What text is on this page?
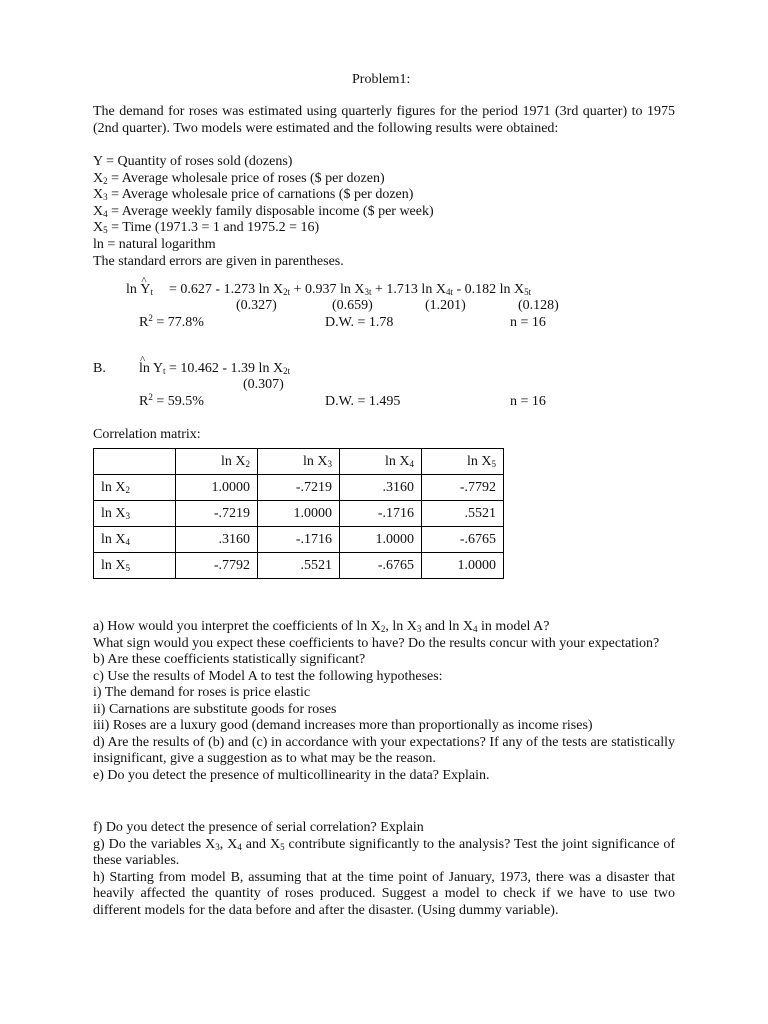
Problem1:
The demand for roses was estimated using quarterly figures for the period 1971 (3rd quarter) to 1975 (2nd quarter). Two models were estimated and the following results were obtained:
Y = Quantity of roses sold (dozens)
$X_2$ = Average wholesale price of roses ($ per dozen)
$X_3$ = Average wholesale price of carnations ($ per dozen)
$X_4$ = Average weekly family disposable income ($ per week)
$X_5$ = Time (1971.3 = 1 and 1975.2 = 16)
ln = natural logarithm
The standard errors are given in parentheses.
ln ^ $Y_t = 0.627 - 1.273$ $\ln X_{2t} + 0.937$ $\ln X_{3t} + 1.713$ $\ln X_{4t} - 0.182$ $\ln X_{5t}$
(0.327)	(0.659)	(1.201)	(0.128)
$R^2 = 77.8\%$	D.W. = 1.78	n = 16
B. ^ $\ln Y_t = 10.462 - 1.39$ $\ln X_{2t}$
(0.307)
$R^2 = 59.5\%$	D.W. = 1.495	n = 16
Correlation matrix:
	$\ln X_2$	$\ln X_3$	$\ln X_4$	$\ln X_5$
$\ln X_2$	1.0000	-.7219	.3160	-.7792
$\ln X_3$	-.7219	1.0000	-.1716	.5521
$\ln X_4$	.3160	-.1716	1.0000	-.6765
$\ln X_5$	-.7792	.5521	-.6765	1.0000
a) How would you interpret the coefficients of $\ln X_2$, $\ln X_3$ and $\ln X_4$ in model A?
What sign would you expect these coefficients to have? Do the results concur with your expectation?
b) Are these coefficients statistically significant?
c) Use the results of Model A to test the following hypotheses:
i) The demand for roses is price elastic
ii) Carnations are substitute goods for roses
iii) Roses are a luxury good (demand increases more than proportionally as income rises)
d) Are the results of (b) and (c) in accordance with your expectations? If any of the tests are statistically insignificant, give a suggestion as to what may be the reason.
e) Do you detect the presence of multicollinearity in the data? Explain.
f) Do you detect the presence of serial correlation? Explain
g) Do the variables $X_3$, $X_4$ and $X_5$ contribute significantly to the analysis? Test the joint significance of these variables.
h) Starting from model B, assuming that at the time point of January, 1973, there was a disaster that heavily affected the quantity of roses produced. Suggest a model to check if we have to use two different models for the data before and after the disaster. (Using dummy variable).
